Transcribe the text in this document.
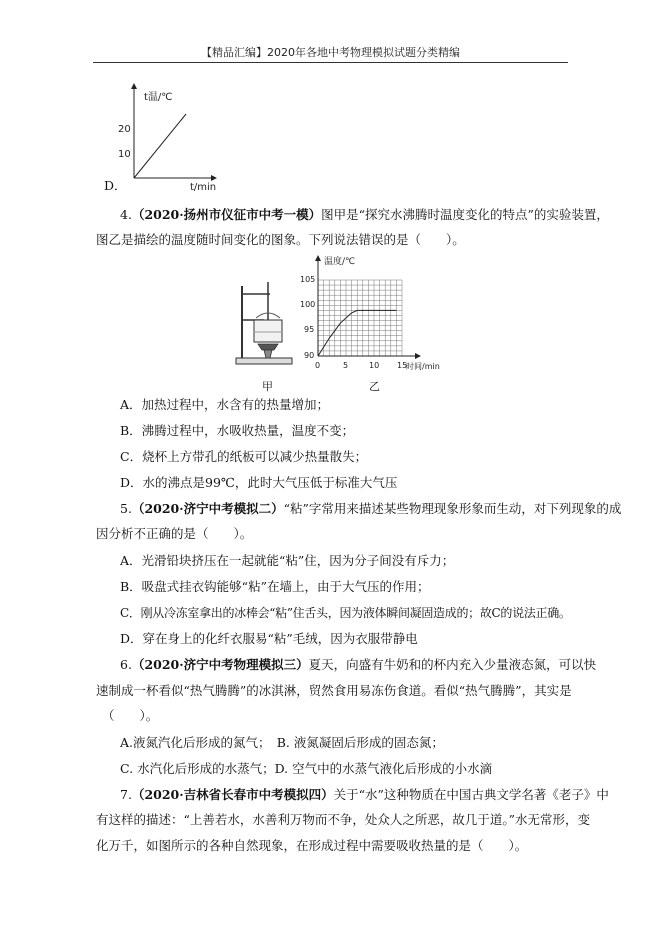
【精品汇编】2020年各地中考物理模拟试题分类精编
D．
t温/℃
20
10
t/min
4.（2020·扬州市仪征市中考一模）图甲是“探究水沸腾时温度变化的特点”的实验装置，
图乙是描绘的温度随时间变化的图象。下列说法错误的是（　　）。
甲
温度/℃
105
100
95
90
0	5	10 15
时间/min
乙
A．加热过程中，水含有的热量增加；
B．沸腾过程中，水吸收热量，温度不变；
C．烧杯上方带孔的纸板可以减少热量散失；
D．水的沸点是99℃，此时大气压低于标准大气压
5.（2020·济宁中考模拟二）“粘”字常用来描述某些物理现象形象而生动，对下列现象的成
因分析不正确的是（　　）。
A．光滑铅块挤压在一起就能“粘”住，因为分子间没有斥力；
B．吸盘式挂衣钩能够“粘”在墙上，由于大气压的作用；
C．刚从冷冻室拿出的冰棒会“粘”住舌头，因为液体瞬间凝固造成的；故C的说法正确。
D．穿在身上的化纤衣服易“粘”毛绒，因为衣服带静电
6.（2020·济宁中考物理模拟三）夏天，向盛有牛奶和的杯内充入少量液态氮，可以快
速制成一杯看似“热气腾腾”的冰淇淋，贸然食用易冻伤食道。看似“热气腾腾”，其实是
（　　）。
A.液氮汽化后形成的氮气；　B. 液氮凝固后形成的固态氮；
C. 水汽化后形成的水蒸气；D. 空气中的水蒸气液化后形成的小水滴
7.（2020·吉林省长春市中考模拟四）关于“水”这种物质在中国古典文学名著《老子》中
有这样的描述：“上善若水，水善利万物而不争，处众人之所恶，故几于道。”水无常形，变
化万千，如图所示的各种自然现象，在形成过程中需要吸收热量的是（　　）。
